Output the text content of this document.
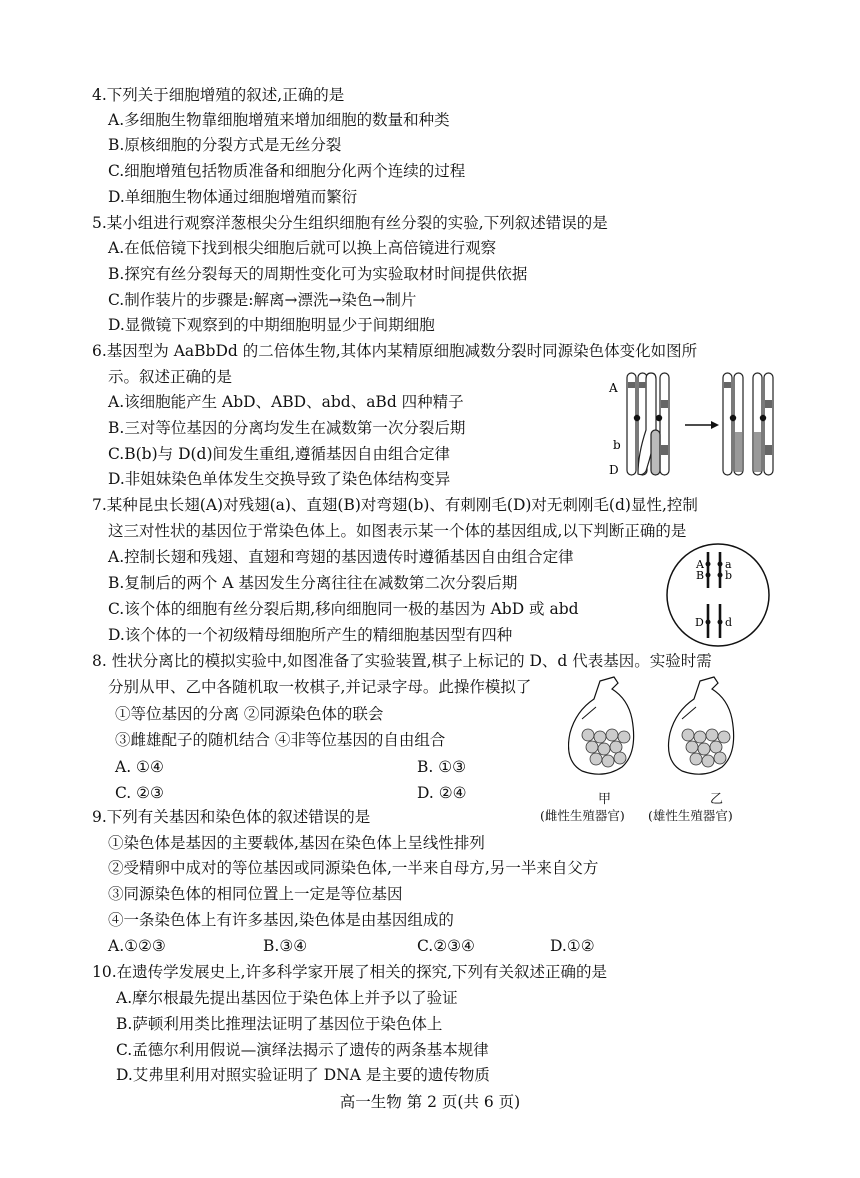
4.下列关于细胞增殖的叙述,正确的是
A.多细胞生物靠细胞增殖来增加细胞的数量和种类
B.原核细胞的分裂方式是无丝分裂
C.细胞增殖包括物质准备和细胞分化两个连续的过程
D.单细胞生物体通过细胞增殖而繁衍
5.某小组进行观察洋葱根尖分生组织细胞有丝分裂的实验,下列叙述错误的是
A.在低倍镜下找到根尖细胞后就可以换上高倍镜进行观察
B.探究有丝分裂每天的周期性变化可为实验取材时间提供依据
C.制作装片的步骤是:解离→漂洗→染色→制片
D.显微镜下观察到的中期细胞明显少于间期细胞
6.基因型为 AaBbDd 的二倍体生物,其体内某精原细胞减数分裂时同源染色体变化如图所
示。叙述正确的是
A.该细胞能产生 AbD、ABD、abd、aBd 四种精子
B.三对等位基因的分离均发生在减数第一次分裂后期
C.B(b)与 D(d)间发生重组,遵循基因自由组合定律
D.非姐妹染色单体发生交换导致了染色体结构变异
A
b
D
7.某种昆虫长翅(A)对残翅(a)、直翅(B)对弯翅(b)、有刺刚毛(D)对无刺刚毛(d)显性,控制
这三对性状的基因位于常染色体上。如图表示某一个体的基因组成,以下判断正确的是
A.控制长翅和残翅、直翅和弯翅的基因遗传时遵循基因自由组合定律
B.复制后的两个 A 基因发生分离往往在减数第二次分裂后期
C.该个体的细胞有丝分裂后期,移向细胞同一极的基因为 AbD 或 abd
D.该个体的一个初级精母细胞所产生的精细胞基因型有四种
A a
B b
D d
8. 性状分离比的模拟实验中,如图准备了实验装置,棋子上标记的 D、d 代表基因。实验时需
分别从甲、乙中各随机取一枚棋子,并记录字母。此操作模拟了
①等位基因的分离 ②同源染色体的联会
③雌雄配子的随机结合 ④非等位基因的自由组合
A. ①④	B. ①③
C. ②③	D. ②④	甲	乙
(雌性生殖器官) (雄性生殖器官)
9.下列有关基因和染色体的叙述错误的是
①染色体是基因的主要载体,基因在染色体上呈线性排列
②受精卵中成对的等位基因或同源染色体,一半来自母方,另一半来自父方
③同源染色体的相同位置上一定是等位基因
④一条染色体上有许多基因,染色体是由基因组成的
A.①②③	B.③④	C.②③④	D.①②
10.在遗传学发展史上,许多科学家开展了相关的探究,下列有关叙述正确的是
A.摩尔根最先提出基因位于染色体上并予以了验证
B.萨顿利用类比推理法证明了基因位于染色体上
C.孟德尔利用假说—演绎法揭示了遗传的两条基本规律
D.艾弗里利用对照实验证明了 DNA 是主要的遗传物质
高一生物 第 2 页(共 6 页)
